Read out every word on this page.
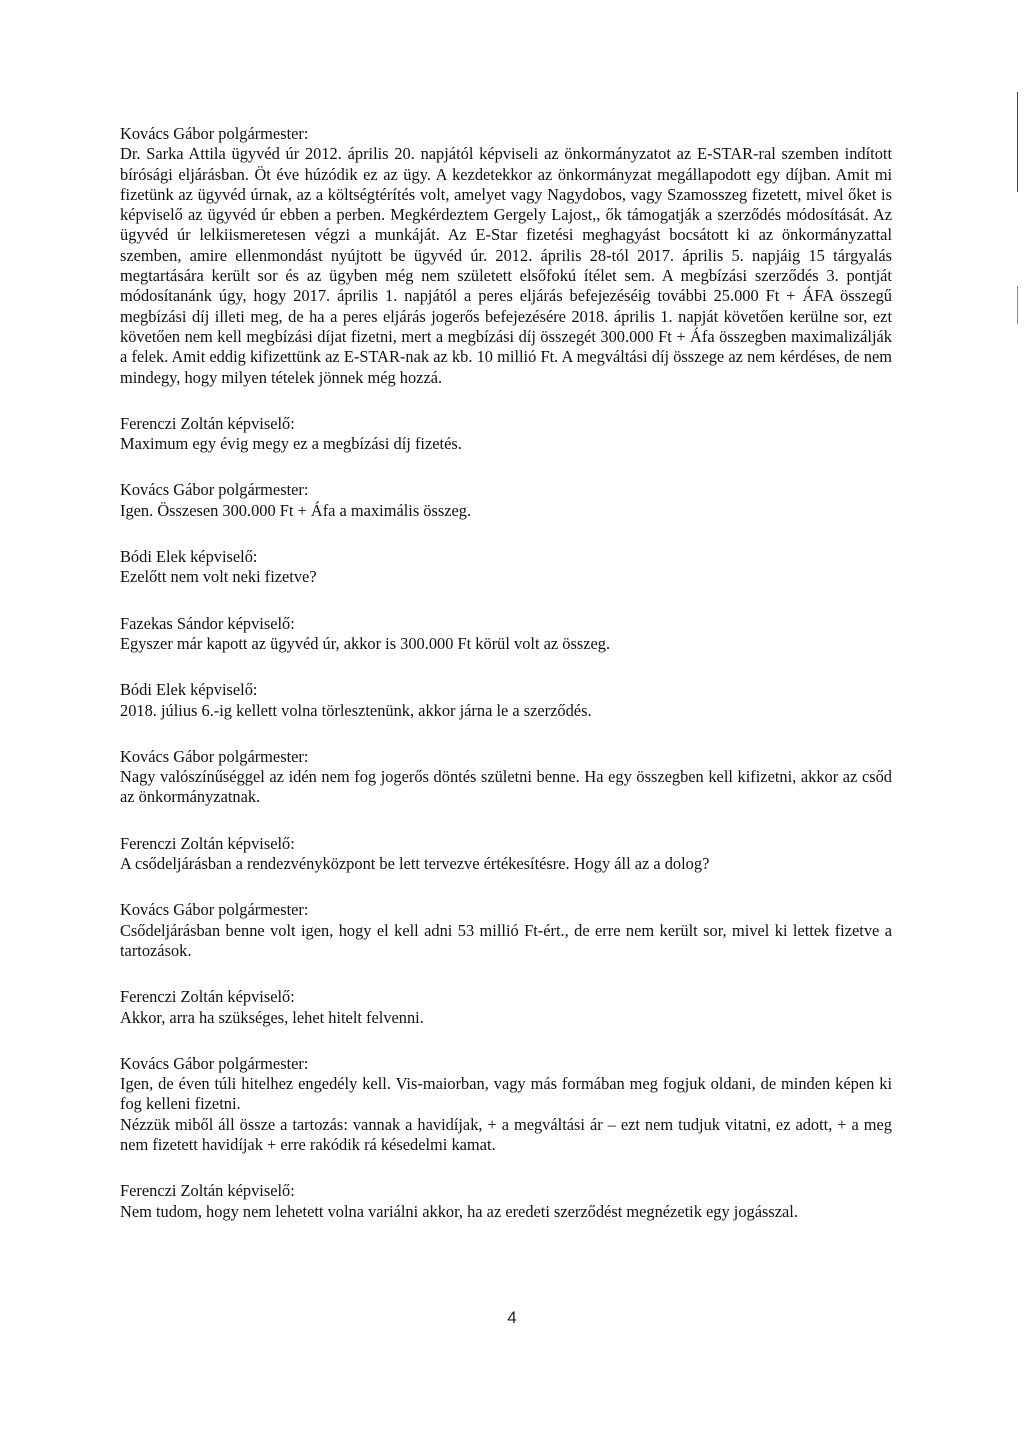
Kovács Gábor polgármester:

Dr. Sarka Attila ügyvéd úr 2012. április 20. napjától képviseli az önkormányzatot az E-STAR-ral szemben indított bírósági eljárásban. Öt éve húzódik ez az ügy. A kezdetekkor az önkormányzat megállapodott egy díjban. Amit mi fizetünk az ügyvéd úrnak, az a költségtérítés volt, amelyet vagy Nagydobos, vagy Szamosszeg fizetett, mivel őket is képviselő az ügyvéd úr ebben a perben. Megkérdeztem Gergely Lajost,, ők támogatják a szerződés módosítását. Az ügyvéd úr lelkiismeretesen végzi a munkáját. Az E-Star fizetési meghagyást bocsátott ki az önkormányzattal szemben, amire ellenmondást nyújtott be ügyvéd úr. 2012. április 28-tól 2017. április 5. napjáig 15 tárgyalás megtartására került sor és az ügyben még nem született elsőfokú ítélet sem. A megbízási szerződés 3. pontját módosítanánk úgy, hogy 2017. április 1. napjától a peres eljárás befejezéséig további 25.000 Ft + ÁFA összegű megbízási díj illeti meg, de ha a peres eljárás jogerős befejezésére 2018. április 1. napját követően kerülne sor, ezt követően nem kell megbízási díjat fizetni, mert a megbízási díj összegét 300.000 Ft + Áfa összegben maximalizálják a felek. Amit eddig kifizettünk az E-STAR-nak az kb. 10 millió Ft. A megváltási díj összege az nem kérdéses, de nem mindegy, hogy milyen tételek jönnek még hozzá.

Ferenczi Zoltán képviselő:

Maximum egy évig megy ez a megbízási díj fizetés.

Kovács Gábor polgármester:

Igen. Összesen 300.000 Ft + Áfa a maximális összeg.

Bódi Elek képviselő:

Ezelőtt nem volt neki fizetve?

Fazekas Sándor képviselő:

Egyszer már kapott az ügyvéd úr, akkor is 300.000 Ft körül volt az összeg.

Bódi Elek képviselő:

2018. július 6.-ig kellett volna törlesztenünk, akkor járna le a szerződés.

Kovács Gábor polgármester:

Nagy valószínűséggel az idén nem fog jogerős döntés születni benne. Ha egy összegben kell kifizetni, akkor az csőd az önkormányzatnak.

Ferenczi Zoltán képviselő:

A csődeljárásban a rendezvényközpont be lett tervezve értékesítésre. Hogy áll az a dolog?

Kovács Gábor polgármester:

Csődeljárásban benne volt igen, hogy el kell adni 53 millió Ft-ért., de erre nem került sor, mivel ki lettek fizetve a tartozások.

Ferenczi Zoltán képviselő:

Akkor, arra ha szükséges, lehet hitelt felvenni.

Kovács Gábor polgármester:

Igen, de éven túli hitelhez engedély kell. Vis-maiorban, vagy más formában meg fogjuk oldani, de minden képen ki fog kelleni fizetni.

Nézzük miből áll össze a tartozás: vannak a havidíjak, + a megváltási ár – ezt nem tudjuk vitatni, ez adott, + a meg nem fizetett havidíjak + erre rakódik rá késedelmi kamat.

Ferenczi Zoltán képviselő:

Nem tudom, hogy nem lehetett volna variálni akkor, ha az eredeti szerződést megnézetik egy jogásszal.

4
